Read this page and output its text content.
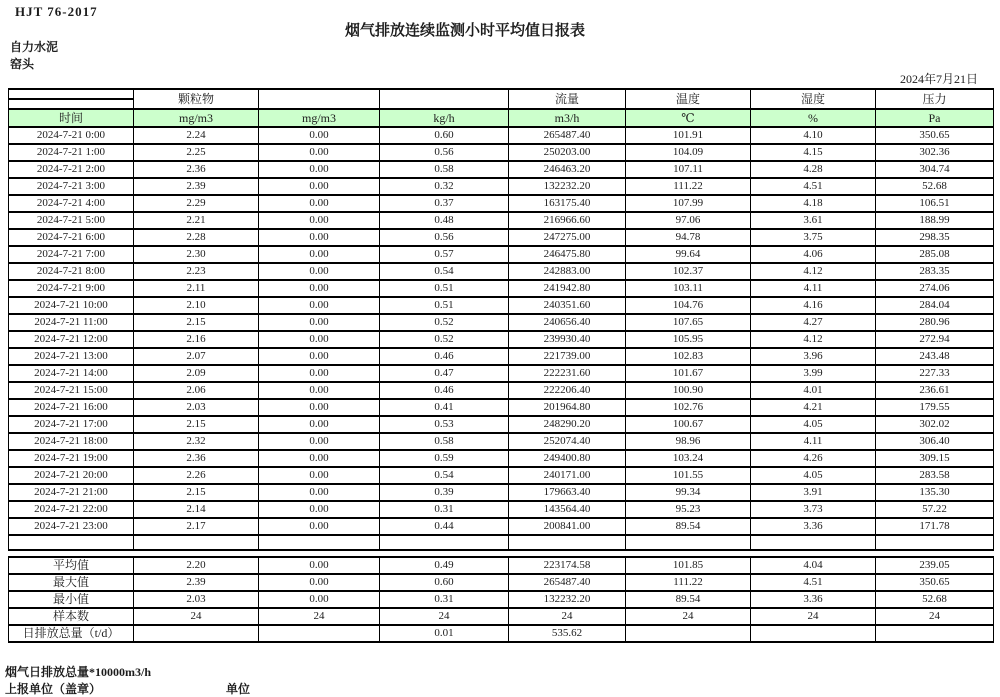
HJT 76-2017
烟气排放连续监测小时平均值日报表
自力水泥
窑头
2024年7月21日
	颗粒物			流量	温度	湿度	压力

时间	mg/m3	mg/m3	kg/h	m3/h	℃	%	Pa
2024-7-21 0:00	2.24	0.00	0.60	265487.40	101.91	4.10	350.65
2024-7-21 1:00	2.25	0.00	0.56	250203.00	104.09	4.15	302.36
2024-7-21 2:00	2.36	0.00	0.58	246463.20	107.11	4.28	304.74
2024-7-21 3:00	2.39	0.00	0.32	132232.20	111.22	4.51	52.68
2024-7-21 4:00	2.29	0.00	0.37	163175.40	107.99	4.18	106.51
2024-7-21 5:00	2.21	0.00	0.48	216966.60	97.06	3.61	188.99
2024-7-21 6:00	2.28	0.00	0.56	247275.00	94.78	3.75	298.35
2024-7-21 7:00	2.30	0.00	0.57	246475.80	99.64	4.06	285.08
2024-7-21 8:00	2.23	0.00	0.54	242883.00	102.37	4.12	283.35
2024-7-21 9:00	2.11	0.00	0.51	241942.80	103.11	4.11	274.06
2024-7-21 10:00	2.10	0.00	0.51	240351.60	104.76	4.16	284.04
2024-7-21 11:00	2.15	0.00	0.52	240656.40	107.65	4.27	280.96
2024-7-21 12:00	2.16	0.00	0.52	239930.40	105.95	4.12	272.94
2024-7-21 13:00	2.07	0.00	0.46	221739.00	102.83	3.96	243.48
2024-7-21 14:00	2.09	0.00	0.47	222231.60	101.67	3.99	227.33
2024-7-21 15:00	2.06	0.00	0.46	222206.40	100.90	4.01	236.61
2024-7-21 16:00	2.03	0.00	0.41	201964.80	102.76	4.21	179.55
2024-7-21 17:00	2.15	0.00	0.53	248290.20	100.67	4.05	302.02
2024-7-21 18:00	2.32	0.00	0.58	252074.40	98.96	4.11	306.40
2024-7-21 19:00	2.36	0.00	0.59	249400.80	103.24	4.26	309.15
2024-7-21 20:00	2.26	0.00	0.54	240171.00	101.55	4.05	283.58
2024-7-21 21:00	2.15	0.00	0.39	179663.40	99.34	3.91	135.30
2024-7-21 22:00	2.14	0.00	0.31	143564.40	95.23	3.73	57.22
2024-7-21 23:00	2.17	0.00	0.44	200841.00	89.54	3.36	171.78

平均值	2.20	0.00	0.49	223174.58	101.85	4.04	239.05
最大值	2.39	0.00	0.60	265487.40	111.22	4.51	350.65
最小值	2.03	0.00	0.31	132232.20	89.54	3.36	52.68
样本数	24	24	24	24	24	24	24
日排放总量（t/d）			0.01	535.62			
烟气日排放总量*10000m3/h
上报单位（盖章）	单位
